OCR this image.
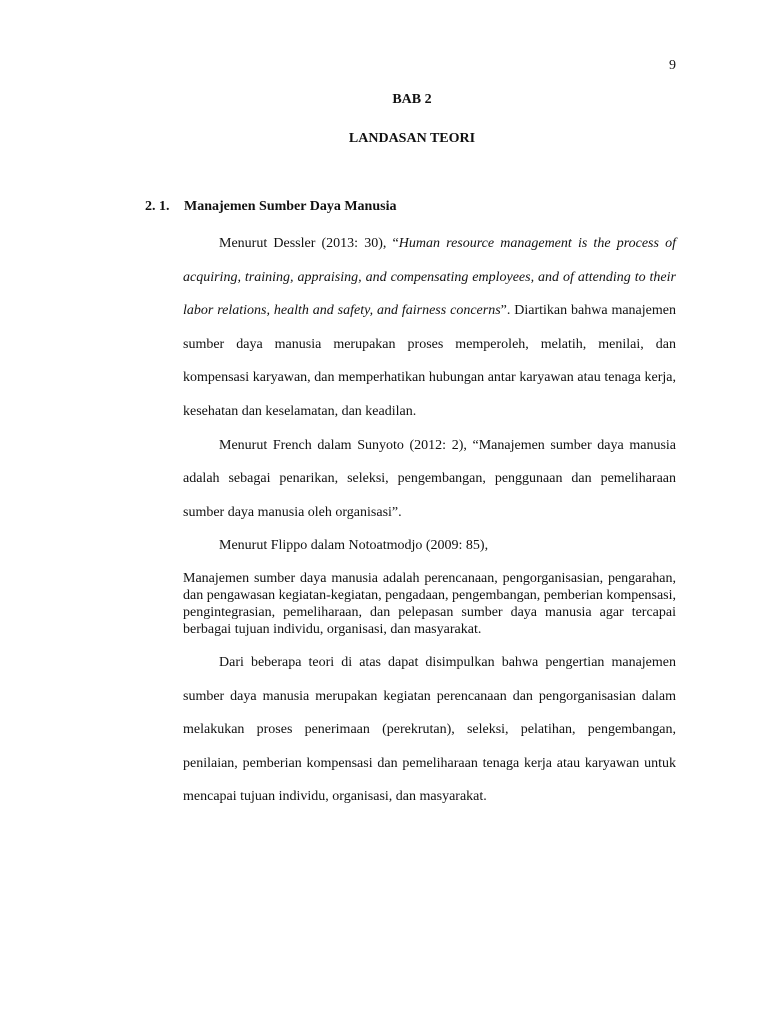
9

BAB 2
LANDASAN TEORI
2. 1. Manajemen Sumber Daya Manusia

Menurut Dessler (2013: 30), “Human resource management is the process of acquiring, training, appraising, and compensating employees, and of attending to their labor relations, health and safety, and fairness concerns”. Diartikan bahwa manajemen sumber daya manusia merupakan proses memperoleh, melatih, menilai, dan kompensasi karyawan, dan memperhatikan hubungan antar karyawan atau tenaga kerja, kesehatan dan keselamatan, dan keadilan.

Menurut French dalam Sunyoto (2012: 2), “Manajemen sumber daya manusia adalah sebagai penarikan, seleksi, pengembangan, penggunaan dan pemeliharaan sumber daya manusia oleh organisasi”.

Menurut Flippo dalam Notoatmodjo (2009: 85),

Manajemen sumber daya manusia adalah perencanaan, pengorganisasian, pengarahan, dan pengawasan kegiatan-kegiatan, pengadaan, pengembangan, pemberian kompensasi, pengintegrasian, pemeliharaan, dan pelepasan sumber daya manusia agar tercapai berbagai tujuan individu, organisasi, dan masyarakat.

Dari beberapa teori di atas dapat disimpulkan bahwa pengertian manajemen sumber daya manusia merupakan kegiatan perencanaan dan pengorganisasian dalam melakukan proses penerimaan (perekrutan), seleksi, pelatihan, pengembangan, penilaian, pemberian kompensasi dan pemeliharaan tenaga kerja atau karyawan untuk mencapai tujuan individu, organisasi, dan masyarakat.
